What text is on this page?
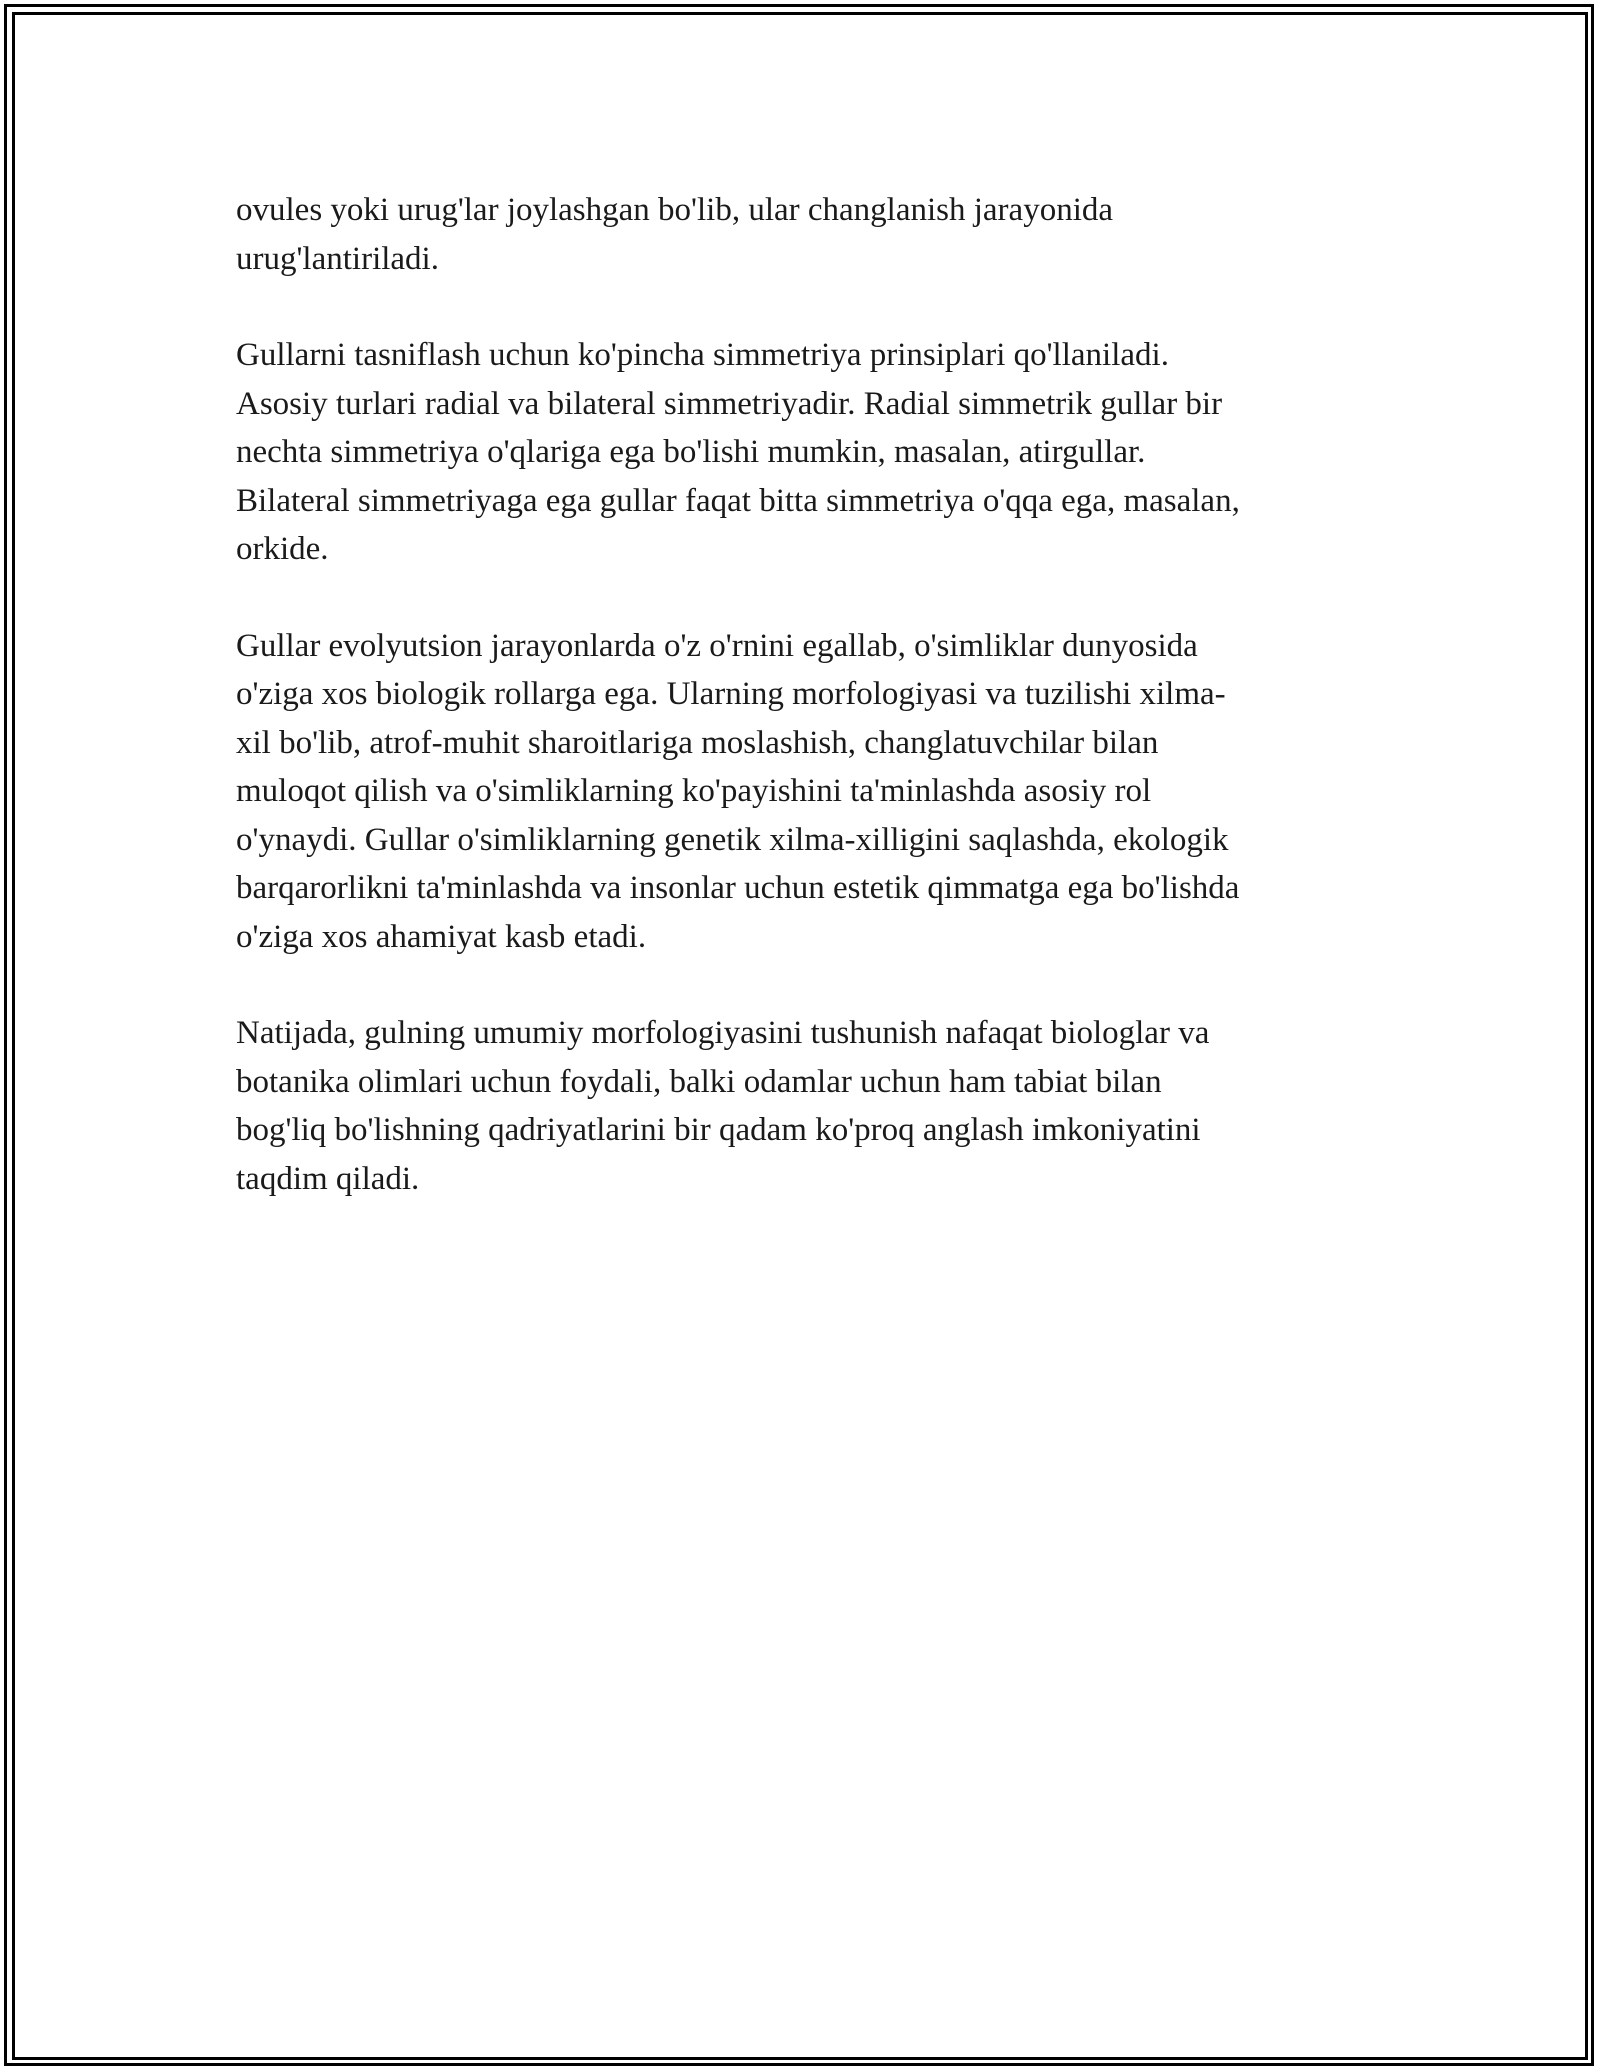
ovules yoki urug'lar joylashgan bo'lib, ular changlanish jarayonida
urug'lantiriladi.

Gullarni tasniflash uchun ko'pincha simmetriya prinsiplari qo'llaniladi.
Asosiy turlari radial va bilateral simmetriyadir. Radial simmetrik gullar bir
nechta simmetriya o'qlariga ega bo'lishi mumkin, masalan, atirgullar.
Bilateral simmetriyaga ega gullar faqat bitta simmetriya o'qqa ega, masalan,
orkide.

Gullar evolyutsion jarayonlarda o'z o'rnini egallab, o'simliklar dunyosida
o'ziga xos biologik rollarga ega. Ularning morfologiyasi va tuzilishi xilma-
xil bo'lib, atrof-muhit sharoitlariga moslashish, changlatuvchilar bilan
muloqot qilish va o'simliklarning ko'payishini ta'minlashda asosiy rol
o'ynaydi. Gullar o'simliklarning genetik xilma-xilligini saqlashda, ekologik
barqarorlikni ta'minlashda va insonlar uchun estetik qimmatga ega bo'lishda
o'ziga xos ahamiyat kasb etadi.

Natijada, gulning umumiy morfologiyasini tushunish nafaqat biologlar va
botanika olimlari uchun foydali, balki odamlar uchun ham tabiat bilan
bog'liq bo'lishning qadriyatlarini bir qadam ko'proq anglash imkoniyatini
taqdim qiladi.
